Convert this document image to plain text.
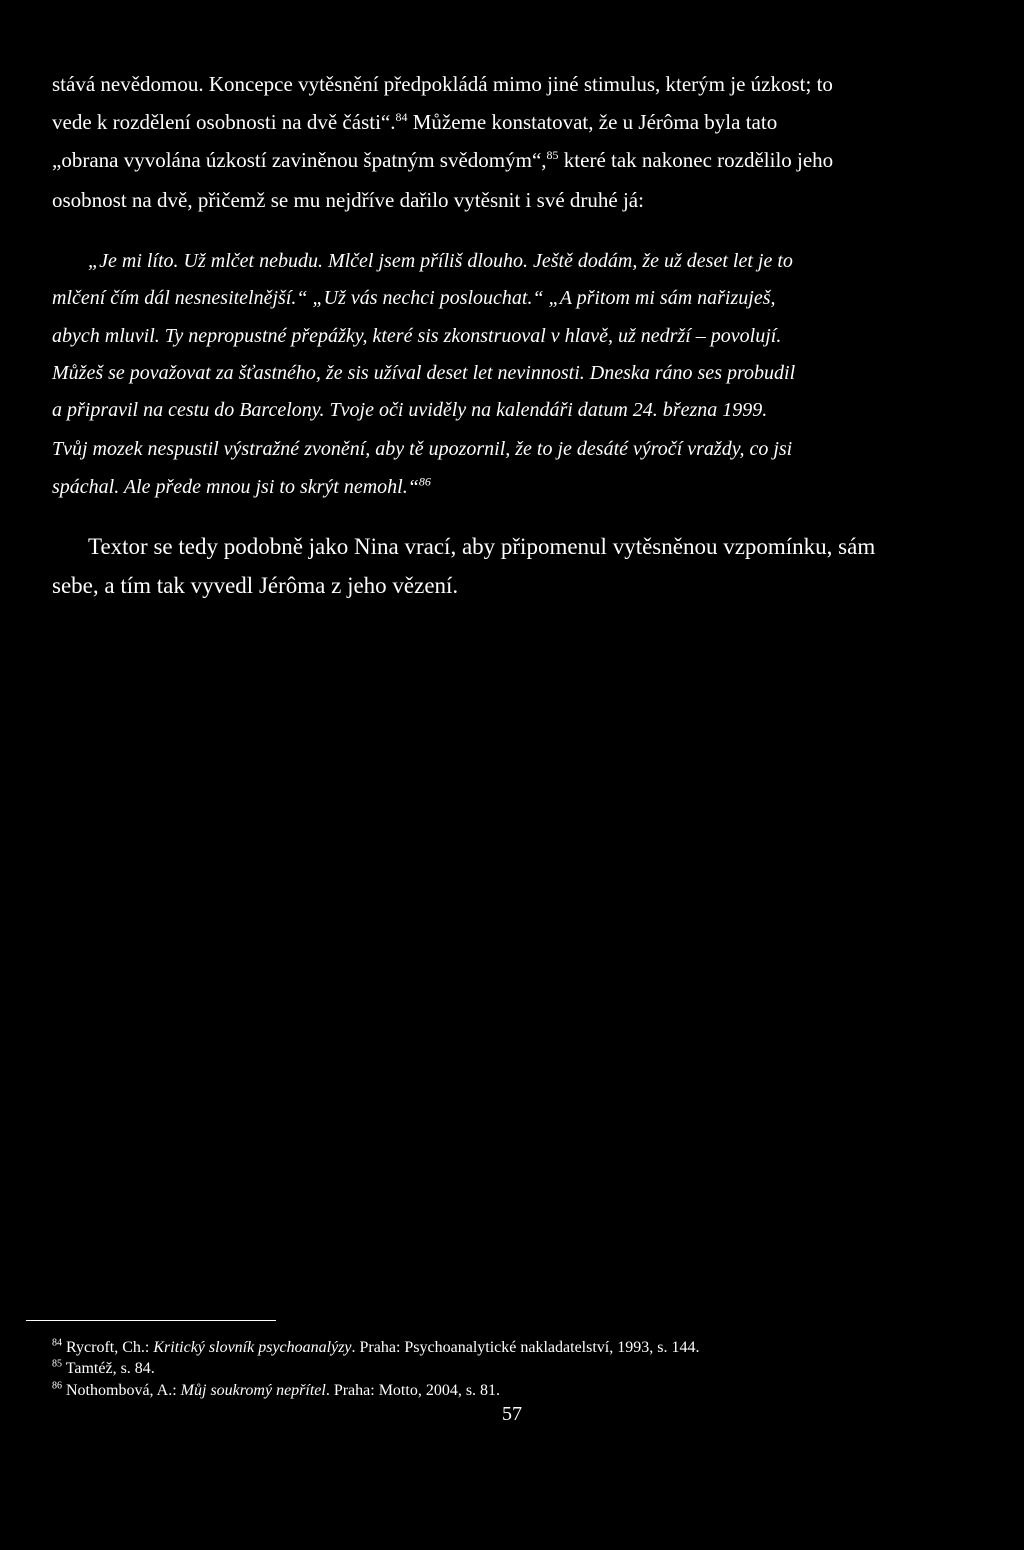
stává nevědomou. Koncepce vytěsnění předpokládá mimo jiné stimulus, kterým je úzkost; to
vede k rozdělení osobnosti na dvě části“.$^{84}$ Můžeme konstatovat, že u Jérôma byla tato
„obrana vyvolána úzkostí zaviněnou špatným svědomým“,$^{85}$ které tak nakonec rozdělilo jeho
osobnost na dvě, přičemž se mu nejdříve dařilo vytěsnit i své druhé já:
„Je mi líto. Už mlčet nebudu. Mlčel jsem příliš dlouho. Ještě dodám, že už deset let je to
mlčení čím dál nesnesitelnější.“ „Už vás nechci poslouchat.“ „A přitom mi sám nařizuješ,
abych mluvil. Ty nepropustné přepážky, které sis zkonstruoval v hlavě, už nedrží – povolují.
Můžeš se považovat za šťastného, že sis užíval deset let nevinnosti. Dneska ráno ses probudil
a připravil na cestu do Barcelony. Tvoje oči uviděly na kalendáři datum 24. března 1999.
Tvůj mozek nespustil výstražné zvonění, aby tě upozornil, že to je desáté výročí vraždy, co jsi
spáchal. Ale přede mnou jsi to skrýt nemohl.“$^{86}$
Textor se tedy podobně jako Nina vrací, aby připomenul vytěsněnou vzpomínku, sám
sebe, a tím tak vyvedl Jérôma z jeho vězení.
$^{84}$ Rycroft, Ch.: Kritický slovník psychoanalýzy. Praha: Psychoanalytické nakladatelství, 1993, s. 144.
$^{85}$ Tamtéž, s. 84.
$^{86}$ Nothombová, A.: Můj soukromý nepřítel. Praha: Motto, 2004, s. 81.
57
